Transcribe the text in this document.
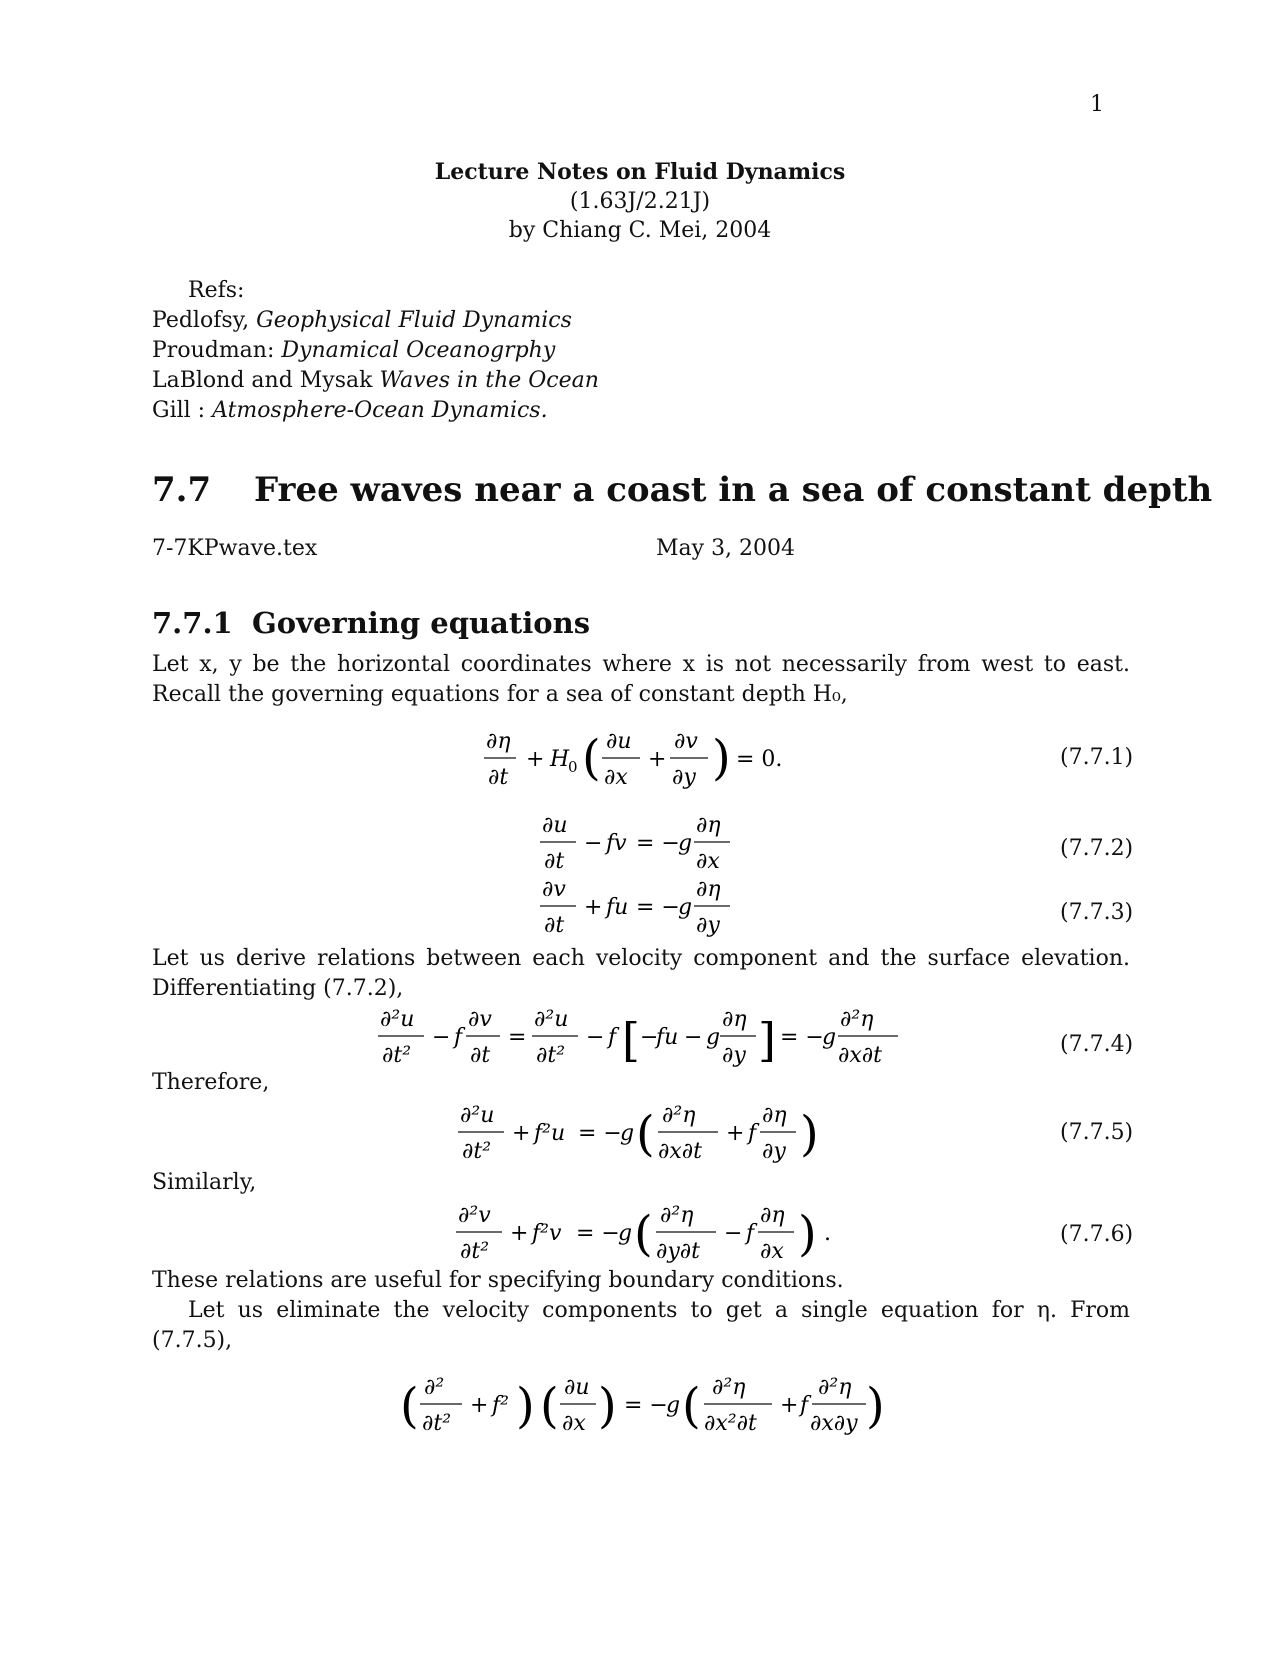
1
Lecture Notes on Fluid Dynamics
(1.63J/2.21J)
by Chiang C. Mei, 2004
Refs:
Pedlofsy, Geophysical Fluid Dynamics
Proudman: Dynamical Oceanogrphy
LaBlond and Mysak Waves in the Ocean
Gill : Atmosphere-Ocean Dynamics.
7.7 Free waves near a coast in a sea of constant depth
7-7KPwave.tex	May 3, 2004
7.7.1 Governing equations
Let x, y be the horizontal coordinates where x is not necessarily from west to east. Recall the governing equations for a sea of constant depth H₀,
∂η
∂t
+ H
0 ( ∂u
∂x
+
∂v
∂y ) = 0.	(7.7.1)
∂u
∂t
− fv = −
g
∂η
∂x
(7.7.2)
∂v
∂t
+ fu = −
g
∂η
∂y
(7.7.3)
Let us derive relations between each velocity component and the surface elevation. Differentiating (7.7.2),
∂²u
∂t²
− f
∂v
∂t
=
∂²u
∂t²
− f [ −
fu − g
∂η
∂y ] = −
g
∂²η
∂x∂t	(7.7.4)
Therefore,
∂²u
∂t²
+ f²u = −
g ( ∂²η
∂x∂t
+ f
∂η
∂y )	(7.7.5)
Similarly,
∂²v
∂t²
+ f²v = −
g ( ∂²η
∂y∂t
− f
∂η
∂x ) .	(7.7.6)
These relations are useful for specifying boundary conditions.
Let us eliminate the velocity components to get a single equation for η. From (7.7.5),
( ∂²
∂t²
+ f² ) ( ∂u
∂x ) = −
g ( ∂²η
∂x²∂t
+ f
∂²η
∂x∂y )
